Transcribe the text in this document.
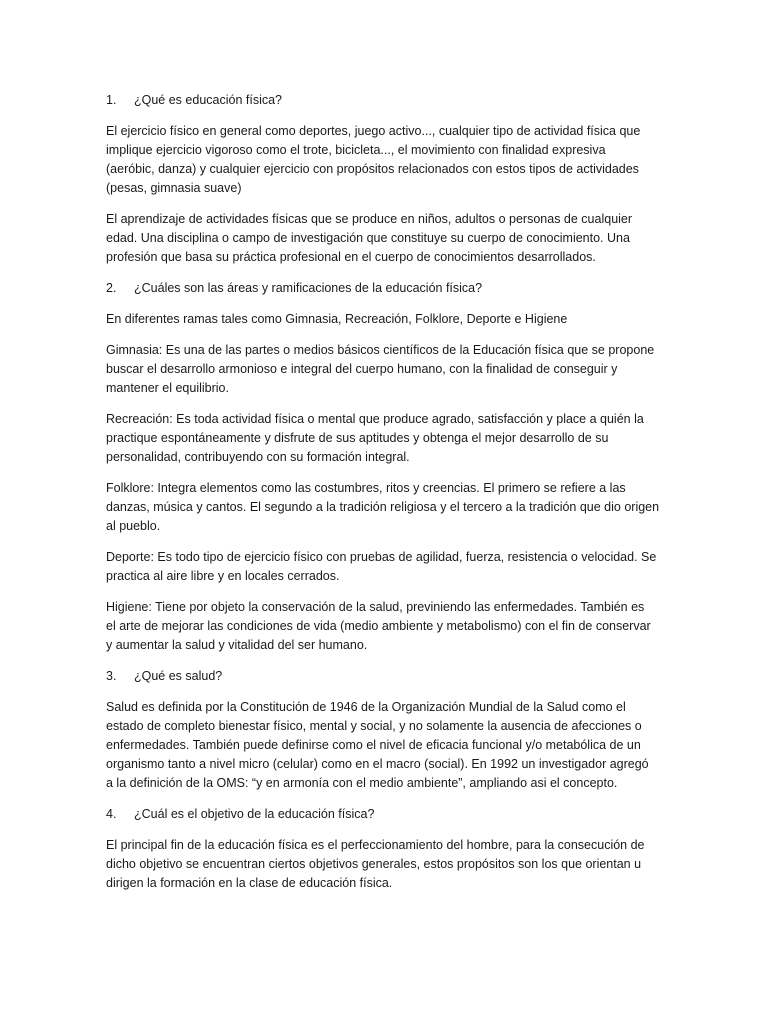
1.	¿Qué es educación física?
El ejercicio físico en general como deportes, juego activo..., cualquier tipo de actividad física que
implique ejercicio vigoroso como el trote, bicicleta..., el movimiento con finalidad expresiva
(aeróbic, danza) y cualquier ejercicio con propósitos relacionados con estos tipos de actividades
(pesas, gimnasia suave)
El aprendizaje de actividades físicas que se produce en niños, adultos o personas de cualquier
edad. Una disciplina o campo de investigación que constituye su cuerpo de conocimiento. Una
profesión que basa su práctica profesional en el cuerpo de conocimientos desarrollados.
2.	¿Cuáles son las áreas y ramificaciones de la educación física?
En diferentes ramas tales como Gimnasia, Recreación, Folklore, Deporte e Higiene
Gimnasia: Es una de las partes o medios básicos científicos de la Educación física que se propone
buscar el desarrollo armonioso e integral del cuerpo humano, con la finalidad de conseguir y
mantener el equilibrio.
Recreación: Es toda actividad física o mental que produce agrado, satisfacción y place a quién la
practique espontáneamente y disfrute de sus aptitudes y obtenga el mejor desarrollo de su
personalidad, contribuyendo con su formación integral.
Folklore: Integra elementos como las costumbres, ritos y creencias. El primero se refiere a las
danzas, música y cantos. El segundo a la tradición religiosa y el tercero a la tradición que dio origen
al pueblo.
Deporte: Es todo tipo de ejercicio físico con pruebas de agilidad, fuerza, resistencia o velocidad. Se
practica al aire libre y en locales cerrados.
Higiene: Tiene por objeto la conservación de la salud, previniendo las enfermedades. También es
el arte de mejorar las condiciones de vida (medio ambiente y metabolismo) con el fin de conservar
y aumentar la salud y vitalidad del ser humano.
3.	¿Qué es salud?
Salud es definida por la Constitución de 1946 de la Organización Mundial de la Salud como el
estado de completo bienestar físico, mental y social, y no solamente la ausencia de afecciones o
enfermedades. También puede definirse como el nivel de eficacia funcional y/o metabólica de un
organismo tanto a nivel micro (celular) como en el macro (social). En 1992 un investigador agregó
a la definición de la OMS: “y en armonía con el medio ambiente”, ampliando asi el concepto.
4.	¿Cuál es el objetivo de la educación física?
El principal fin de la educación física es el perfeccionamiento del hombre, para la consecución de
dicho objetivo se encuentran ciertos objetivos generales, estos propósitos son los que orientan u
dirigen la formación en la clase de educación física.
